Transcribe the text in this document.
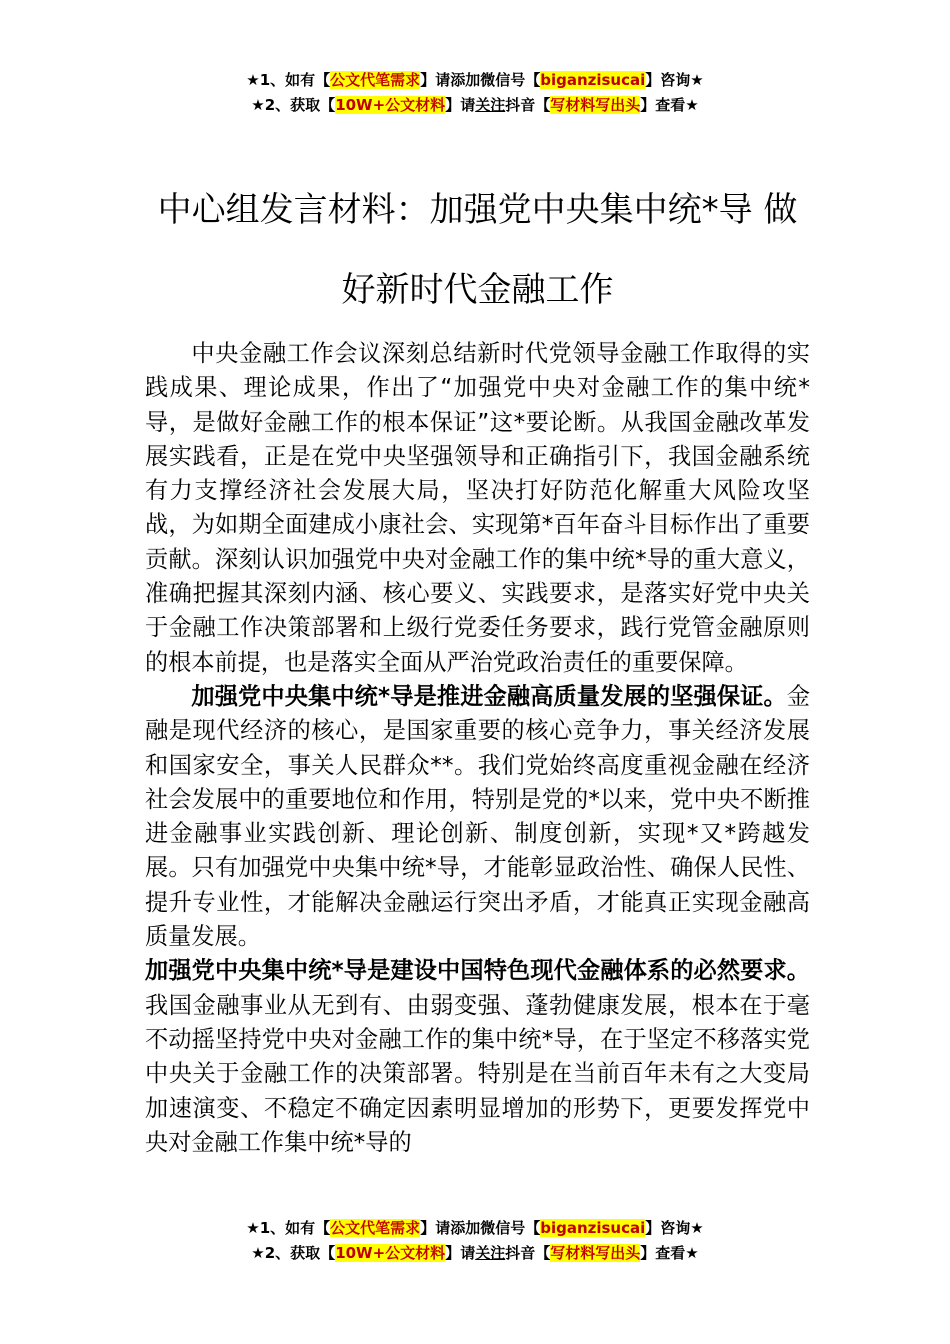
★1、如有【公文代笔需求】请添加微信号【biganzisucai】咨询★
★2、获取【10W+公文材料】请关注抖音【写材料写出头】查看★
中心组发言材料：加强党中央集中统*导 做
好新时代金融工作

中央金融工作会议深刻总结新时代党领导金融工作取得的实践成果、理论成果，作出了“加强党中央对金融工作的集中统*导，是做好金融工作的根本保证”这*要论断。从我国金融改革发展实践看，正是在党中央坚强领导和正确指引下，我国金融系统有力支撑经济社会发展大局，坚决打好防范化解重大风险攻坚战，为如期全面建成小康社会、实现第*百年奋斗目标作出了重要贡献。深刻认识加强党中央对金融工作的集中统*导的重大意义，准确把握其深刻内涵、核心要义、实践要求，是落实好党中央关于金融工作决策部署和上级行党委任务要求，践行党管金融原则的根本前提，也是落实全面从严治党政治责任的重要保障。

加强党中央集中统*导是推进金融高质量发展的坚强保证。金融是现代经济的核心，是国家重要的核心竞争力，事关经济发展和国家安全，事关人民群众**。我们党始终高度重视金融在经济社会发展中的重要地位和作用，特别是党的*以来，党中央不断推进金融事业实践创新、理论创新、制度创新，实现*又*跨越发展。只有加强党中央集中统*导，才能彰显政治性、确保人民性、提升专业性，才能解决金融运行突出矛盾，才能真正实现金融高质量发展。

加强党中央集中统*导是建设中国特色现代金融体系的必然要求。我国金融事业从无到有、由弱变强、蓬勃健康发展，根本在于毫不动摇坚持党中央对金融工作的集中统*导，在于坚定不移落实党中央关于金融工作的决策部署。特别是在当前百年未有之大变局加速演变、不稳定不确定因素明显增加的形势下，更要发挥党中央对金融工作集中统*导的

★1、如有【公文代笔需求】请添加微信号【biganzisucai】咨询★
★2、获取【10W+公文材料】请关注抖音【写材料写出头】查看★
